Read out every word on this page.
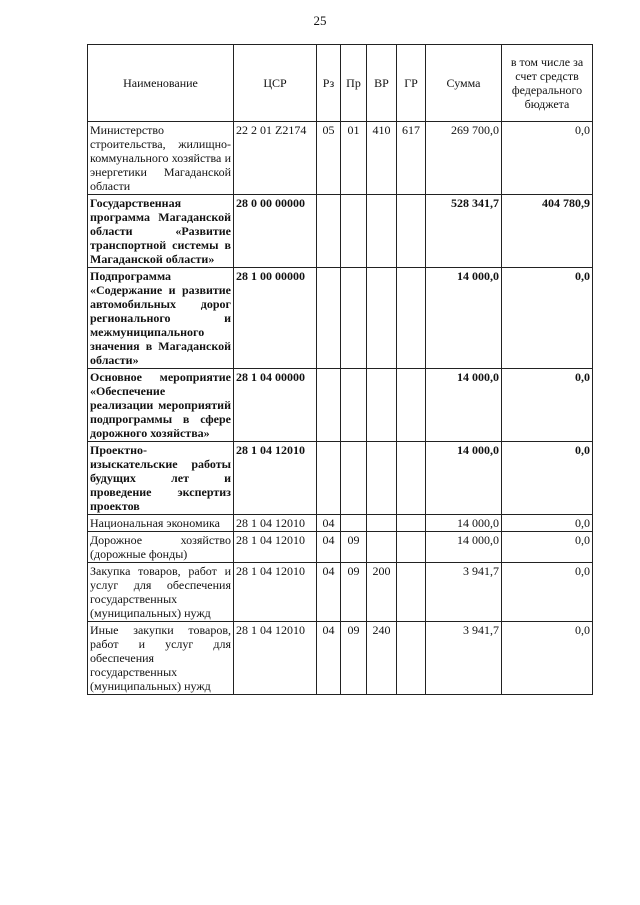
25
Наименование	ЦСР	Рз	Пр	ВР	ГР	Сумма	в том числе за счет средств федерального бюджета
Министерство строительства, жилищно-коммунального хозяйства и энергетики Магаданской области	22 2 01 Z2174	05	01	410	617	269 700,0	0,0
Государственная программа Магаданской области «Развитие транспортной системы в Магаданской области»	28 0 00 00000					528 341,7	404 780,9
Подпрограмма «Содержание и развитие автомобильных дорог регионального и межмуниципального значения в Магаданской области»	28 1 00 00000					14 000,0	0,0
Основное мероприятие «Обеспечение реализации мероприятий подпрограммы в сфере дорожного хозяйства»	28 1 04 00000					14 000,0	0,0
Проектно-изыскательские работы будущих лет и проведение экспертиз проектов	28 1 04 12010					14 000,0	0,0
Национальная экономика	28 1 04 12010	04				14 000,0	0,0
Дорожное хозяйство (дорожные фонды)	28 1 04 12010	04	09			14 000,0	0,0
Закупка товаров, работ и услуг для обеспечения государственных (муниципальных) нужд	28 1 04 12010	04	09	200		3 941,7	0,0
Иные закупки товаров, работ и услуг для обеспечения государственных (муниципальных) нужд	28 1 04 12010	04	09	240		3 941,7	0,0
